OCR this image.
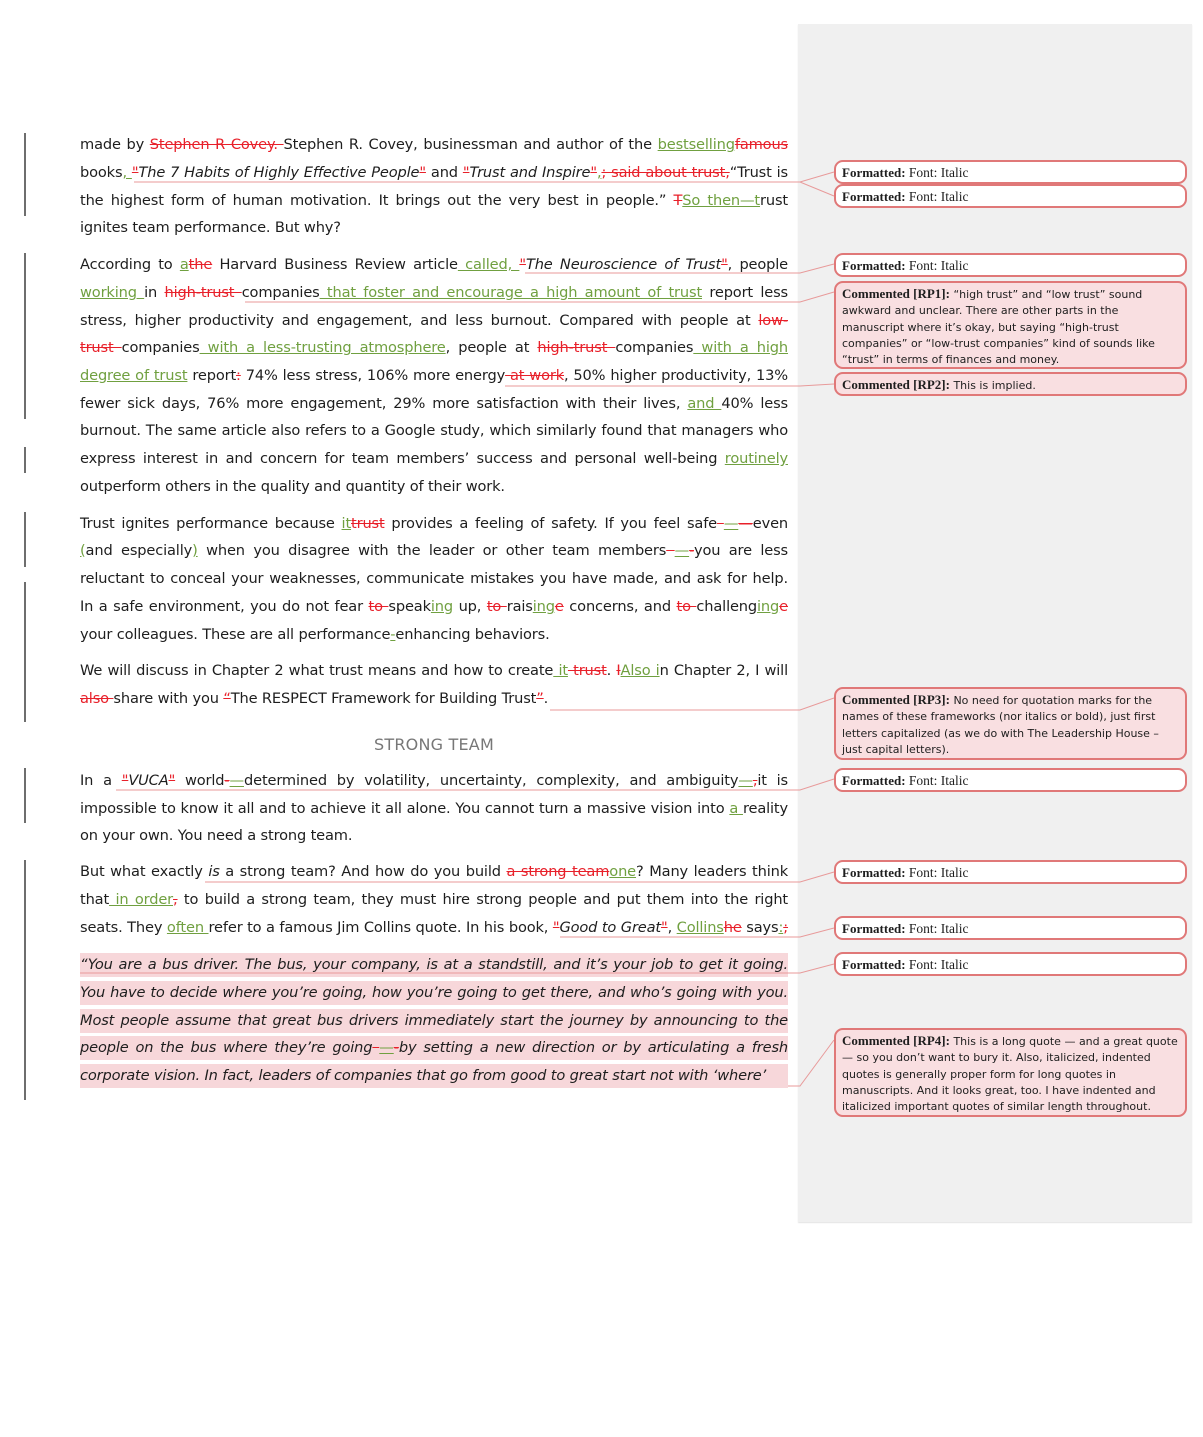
made by Stephen R Covey. Stephen R. Covey, businessman and author of the bestsellingfamous
books, "The 7 Habits of Highly Effective People" and "Trust and Inspire",; said about trust,“Trust is
the highest form of human motivation. It brings out the very best in people.” TSo then—trust
ignites team performance. But why?
According to athe Harvard Business Review article called, "The Neuroscience of Trust", people
working in high-trust companies that foster and encourage a high amount of trust report less
stress, higher productivity and engagement, and less burnout. Compared with people at low-
trust companies with a less-trusting atmosphere, people at high-trust companies with a high
degree of trust report: 74% less stress, 106% more energy at work, 50% higher productivity, 13%
fewer sick days, 76% more engagement, 29% more satisfaction with their lives, and 40% less
burnout. The same article also refers to a Google study, which similarly found that managers who
express interest in and concern for team members’ success and personal well-being routinely
outperform others in the quality and quantity of their work.
Trust ignites performance because ittrust provides a feeling of safety. If you feel safe ——even
(and especially) when you disagree with the leader or other team members —-you are less
reluctant to conceal your weaknesses, communicate mistakes you have made, and ask for help.
In a safe environment, you do not fear to speaking up, to raisinge concerns, and to challenginge
your colleagues. These are all performance-enhancing behaviors.
We will discuss in Chapter 2 what trust means and how to create it trust. IAlso in Chapter 2, I will
also share with you “The RESPECT Framework for Building Trust”.
In a "VUCA" world-—determined by volatility, uncertainty, complexity, and ambiguity—,it is
impossible to know it all and to achieve it all alone. You cannot turn a massive vision into a reality
on your own. You need a strong team.
But what exactly is a strong team? And how do you build a strong teamone? Many leaders think
that in order, to build a strong team, they must hire strong people and put them into the right
seats. They often refer to a famous Jim Collins quote. In his book, "Good to Great", Collinshe says:;
“You are a bus driver. The bus, your company, is at a standstill, and it’s your job to get it going.
You have to decide where you’re going, how you’re going to get there, and who’s going with you.
Most people assume that great bus drivers immediately start the journey by announcing to the
people on the bus where they’re going —-by setting a new direction or by articulating a fresh
corporate vision. In fact, leaders of companies that go from good to great start not with ‘where’
STRONG TEAM
Formatted: Font: Italic
Formatted: Font: Italic
Formatted: Font: Italic
Commented [RP1]: “high trust” and “low trust” sound awkward and unclear. There are other parts in the manuscript where it’s okay, but saying “high-trust companies” or “low-trust companies” kind of sounds like “trust” in terms of finances and money.
Commented [RP2]: This is implied.
Commented [RP3]: No need for quotation marks for the names of these frameworks (nor italics or bold), just first letters capitalized (as we do with The Leadership House – just capital letters).
Formatted: Font: Italic
Formatted: Font: Italic
Formatted: Font: Italic
Formatted: Font: Italic
Commented [RP4]: This is a long quote — and a great quote — so you don’t want to bury it. Also, italicized, indented quotes is generally proper form for long quotes in manuscripts. And it looks great, too. I have indented and italicized important quotes of similar length throughout.
